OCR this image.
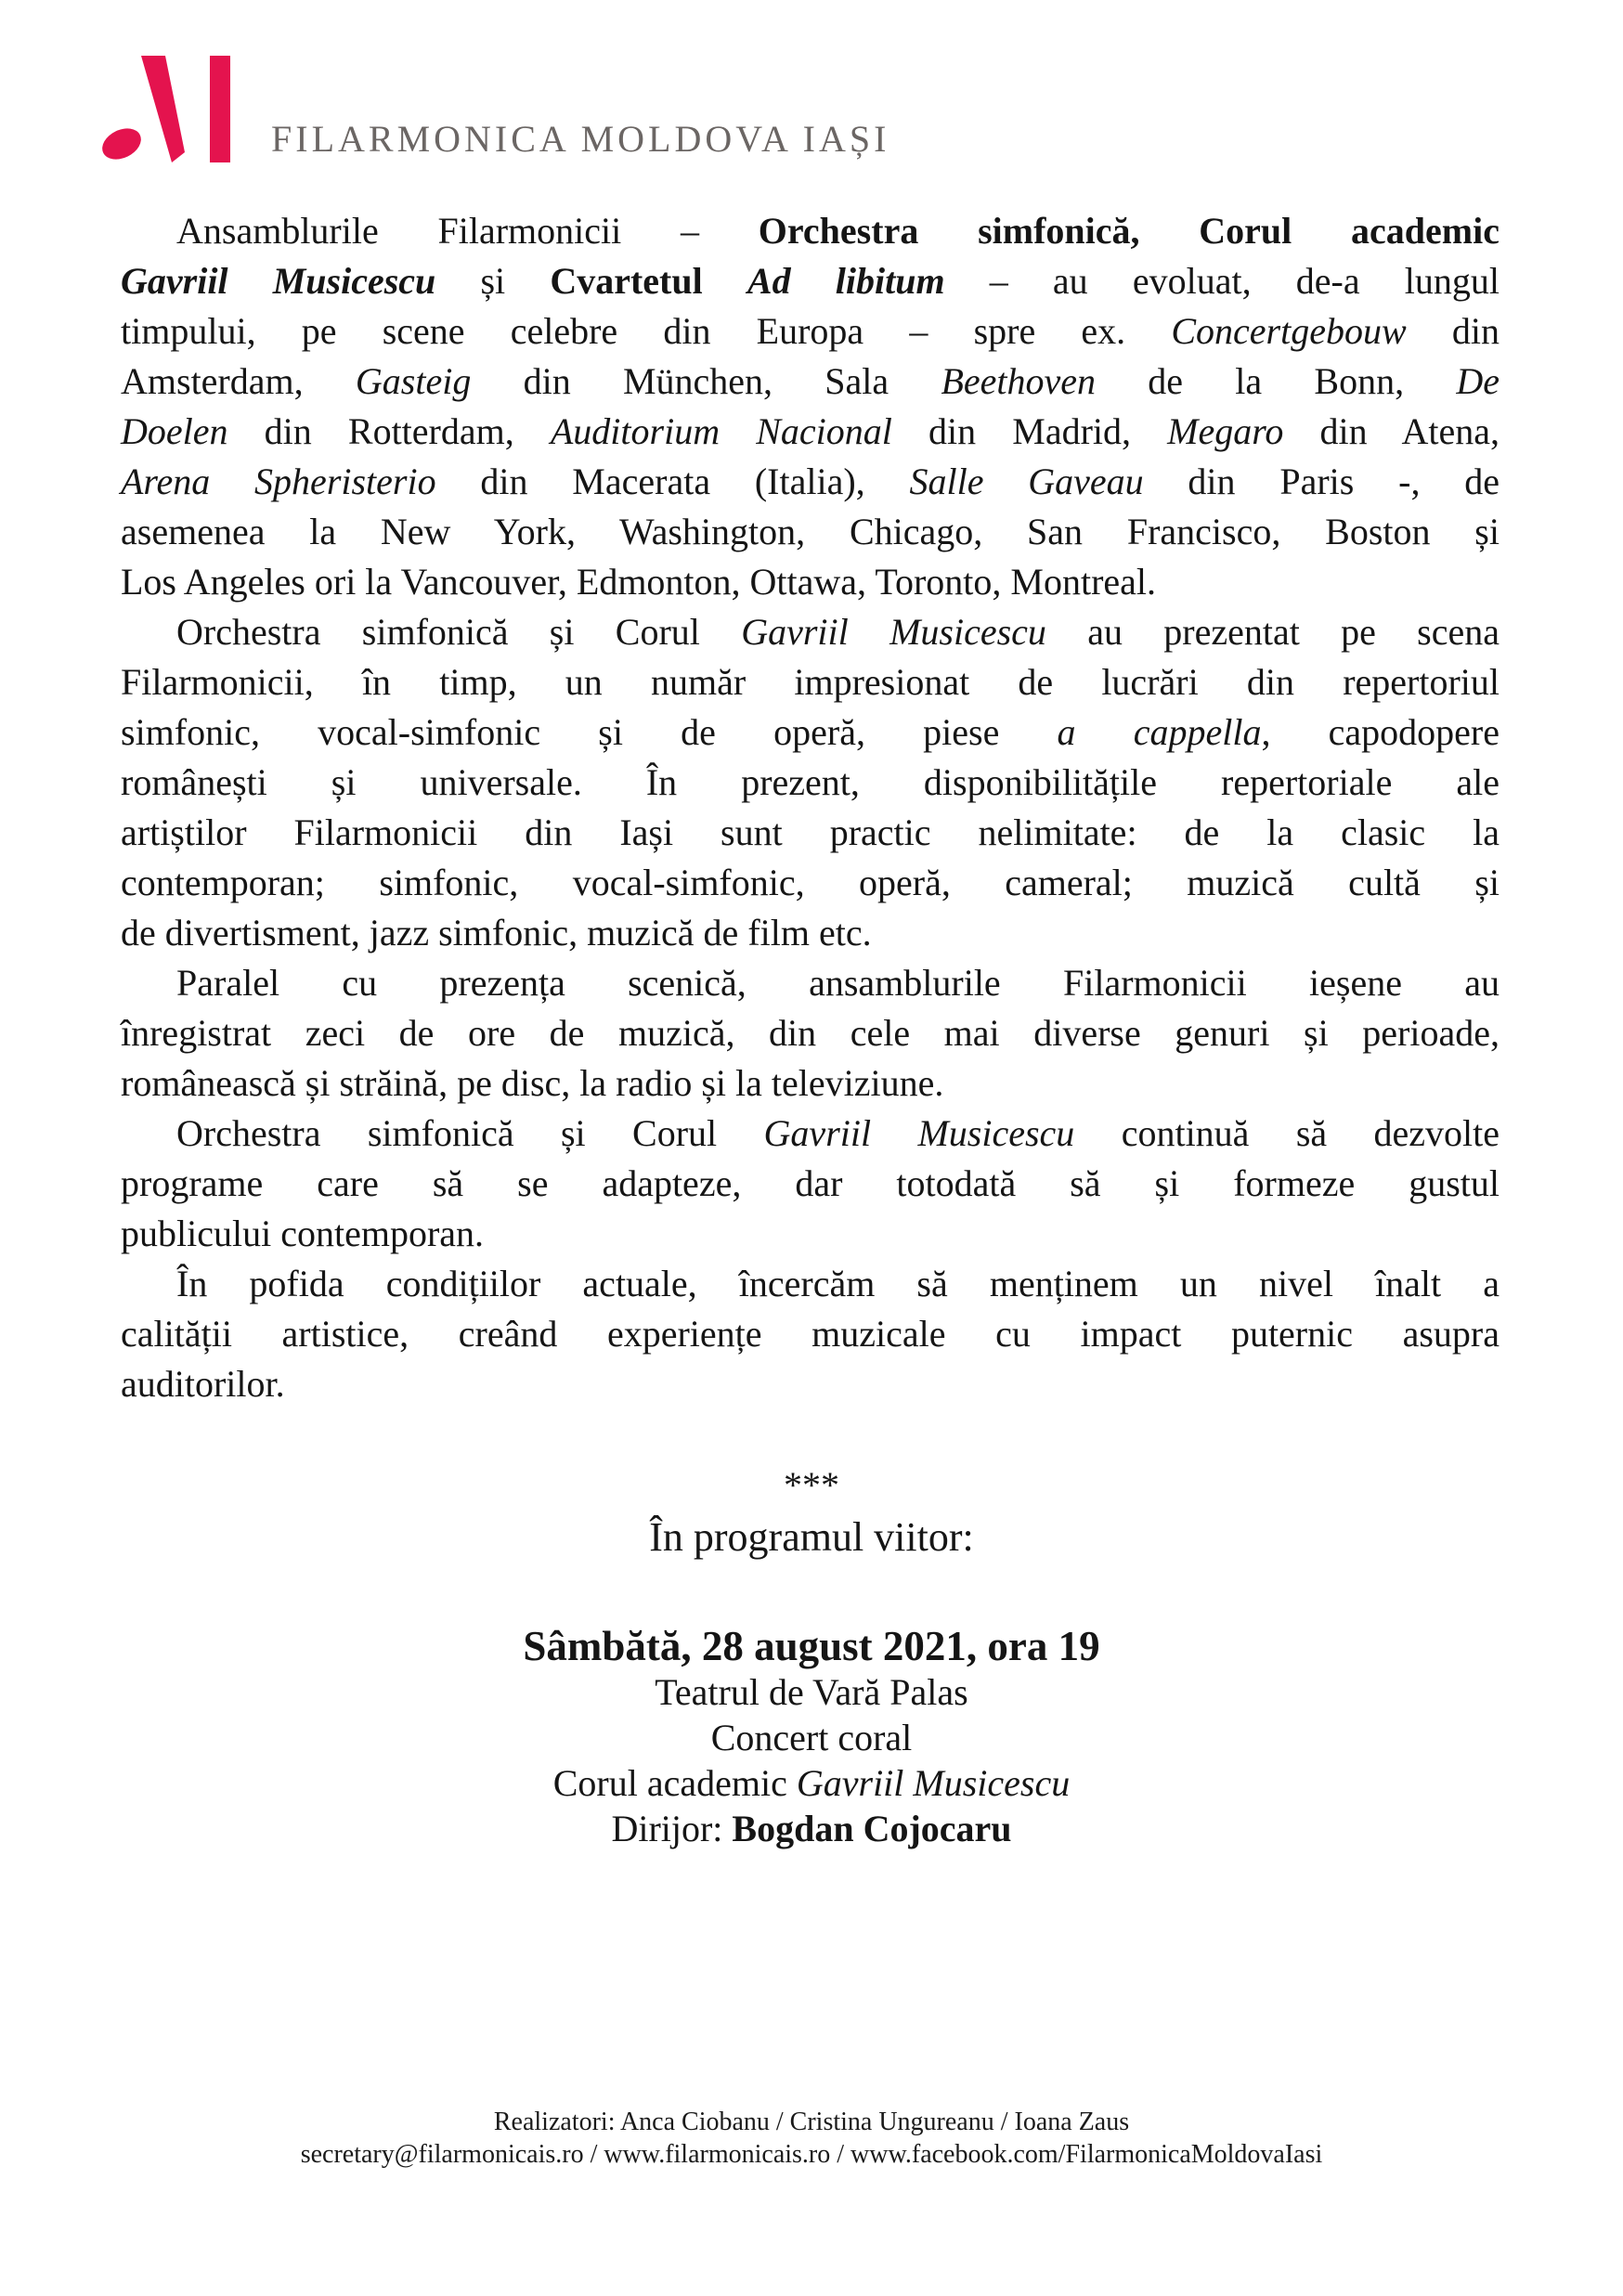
FILARMONICA MOLDOVA IAȘI
Ansamblurile Filarmonicii – Orchestra simfonică, Corul academic
Gavriil Musicescu și Cvartetul Ad libitum – au evoluat, de-a lungul
timpului, pe scene celebre din Europa – spre ex. Concertgebouw din
Amsterdam, Gasteig din München, Sala Beethoven de la Bonn, De
Doelen din Rotterdam, Auditorium Nacional din Madrid, Megaro din Atena,
Arena Spheristerio din Macerata (Italia), Salle Gaveau din Paris -, de
asemenea la New York, Washington, Chicago, San Francisco, Boston și
Los Angeles ori la Vancouver, Edmonton, Ottawa, Toronto, Montreal.
Orchestra simfonică și Corul Gavriil Musicescu au prezentat pe scena
Filarmonicii, în timp, un număr impresionat de lucrări din repertoriul
simfonic, vocal-simfonic și de operă, piese a cappella, capodopere
românești și universale. În prezent, disponibilitățile repertoriale ale
artiștilor Filarmonicii din Iași sunt practic nelimitate: de la clasic la
contemporan; simfonic, vocal-simfonic, operă, cameral; muzică cultă și
de divertisment, jazz simfonic, muzică de film etc.
Paralel cu prezența scenică, ansamblurile Filarmonicii ieșene au
înregistrat zeci de ore de muzică, din cele mai diverse genuri și perioade,
românească și străină, pe disc, la radio și la televiziune.
Orchestra simfonică și Corul Gavriil Musicescu continuă să dezvolte
programe care să se adapteze, dar totodată să și formeze gustul
publicului contemporan.
În pofida condițiilor actuale, încercăm să menținem un nivel înalt a
calității artistice, creând experiențe muzicale cu impact puternic asupra
auditorilor.
***
În programul viitor:
Sâmbătă, 28 august 2021, ora 19
Teatrul de Vară Palas
Concert coral
Corul academic Gavriil Musicescu
Dirijor: Bogdan Cojocaru
Realizatori: Anca Ciobanu / Cristina Ungureanu / Ioana Zaus
secretary@filarmonicais.ro / www.filarmonicais.ro / www.facebook.com/FilarmonicaMoldovaIasi
